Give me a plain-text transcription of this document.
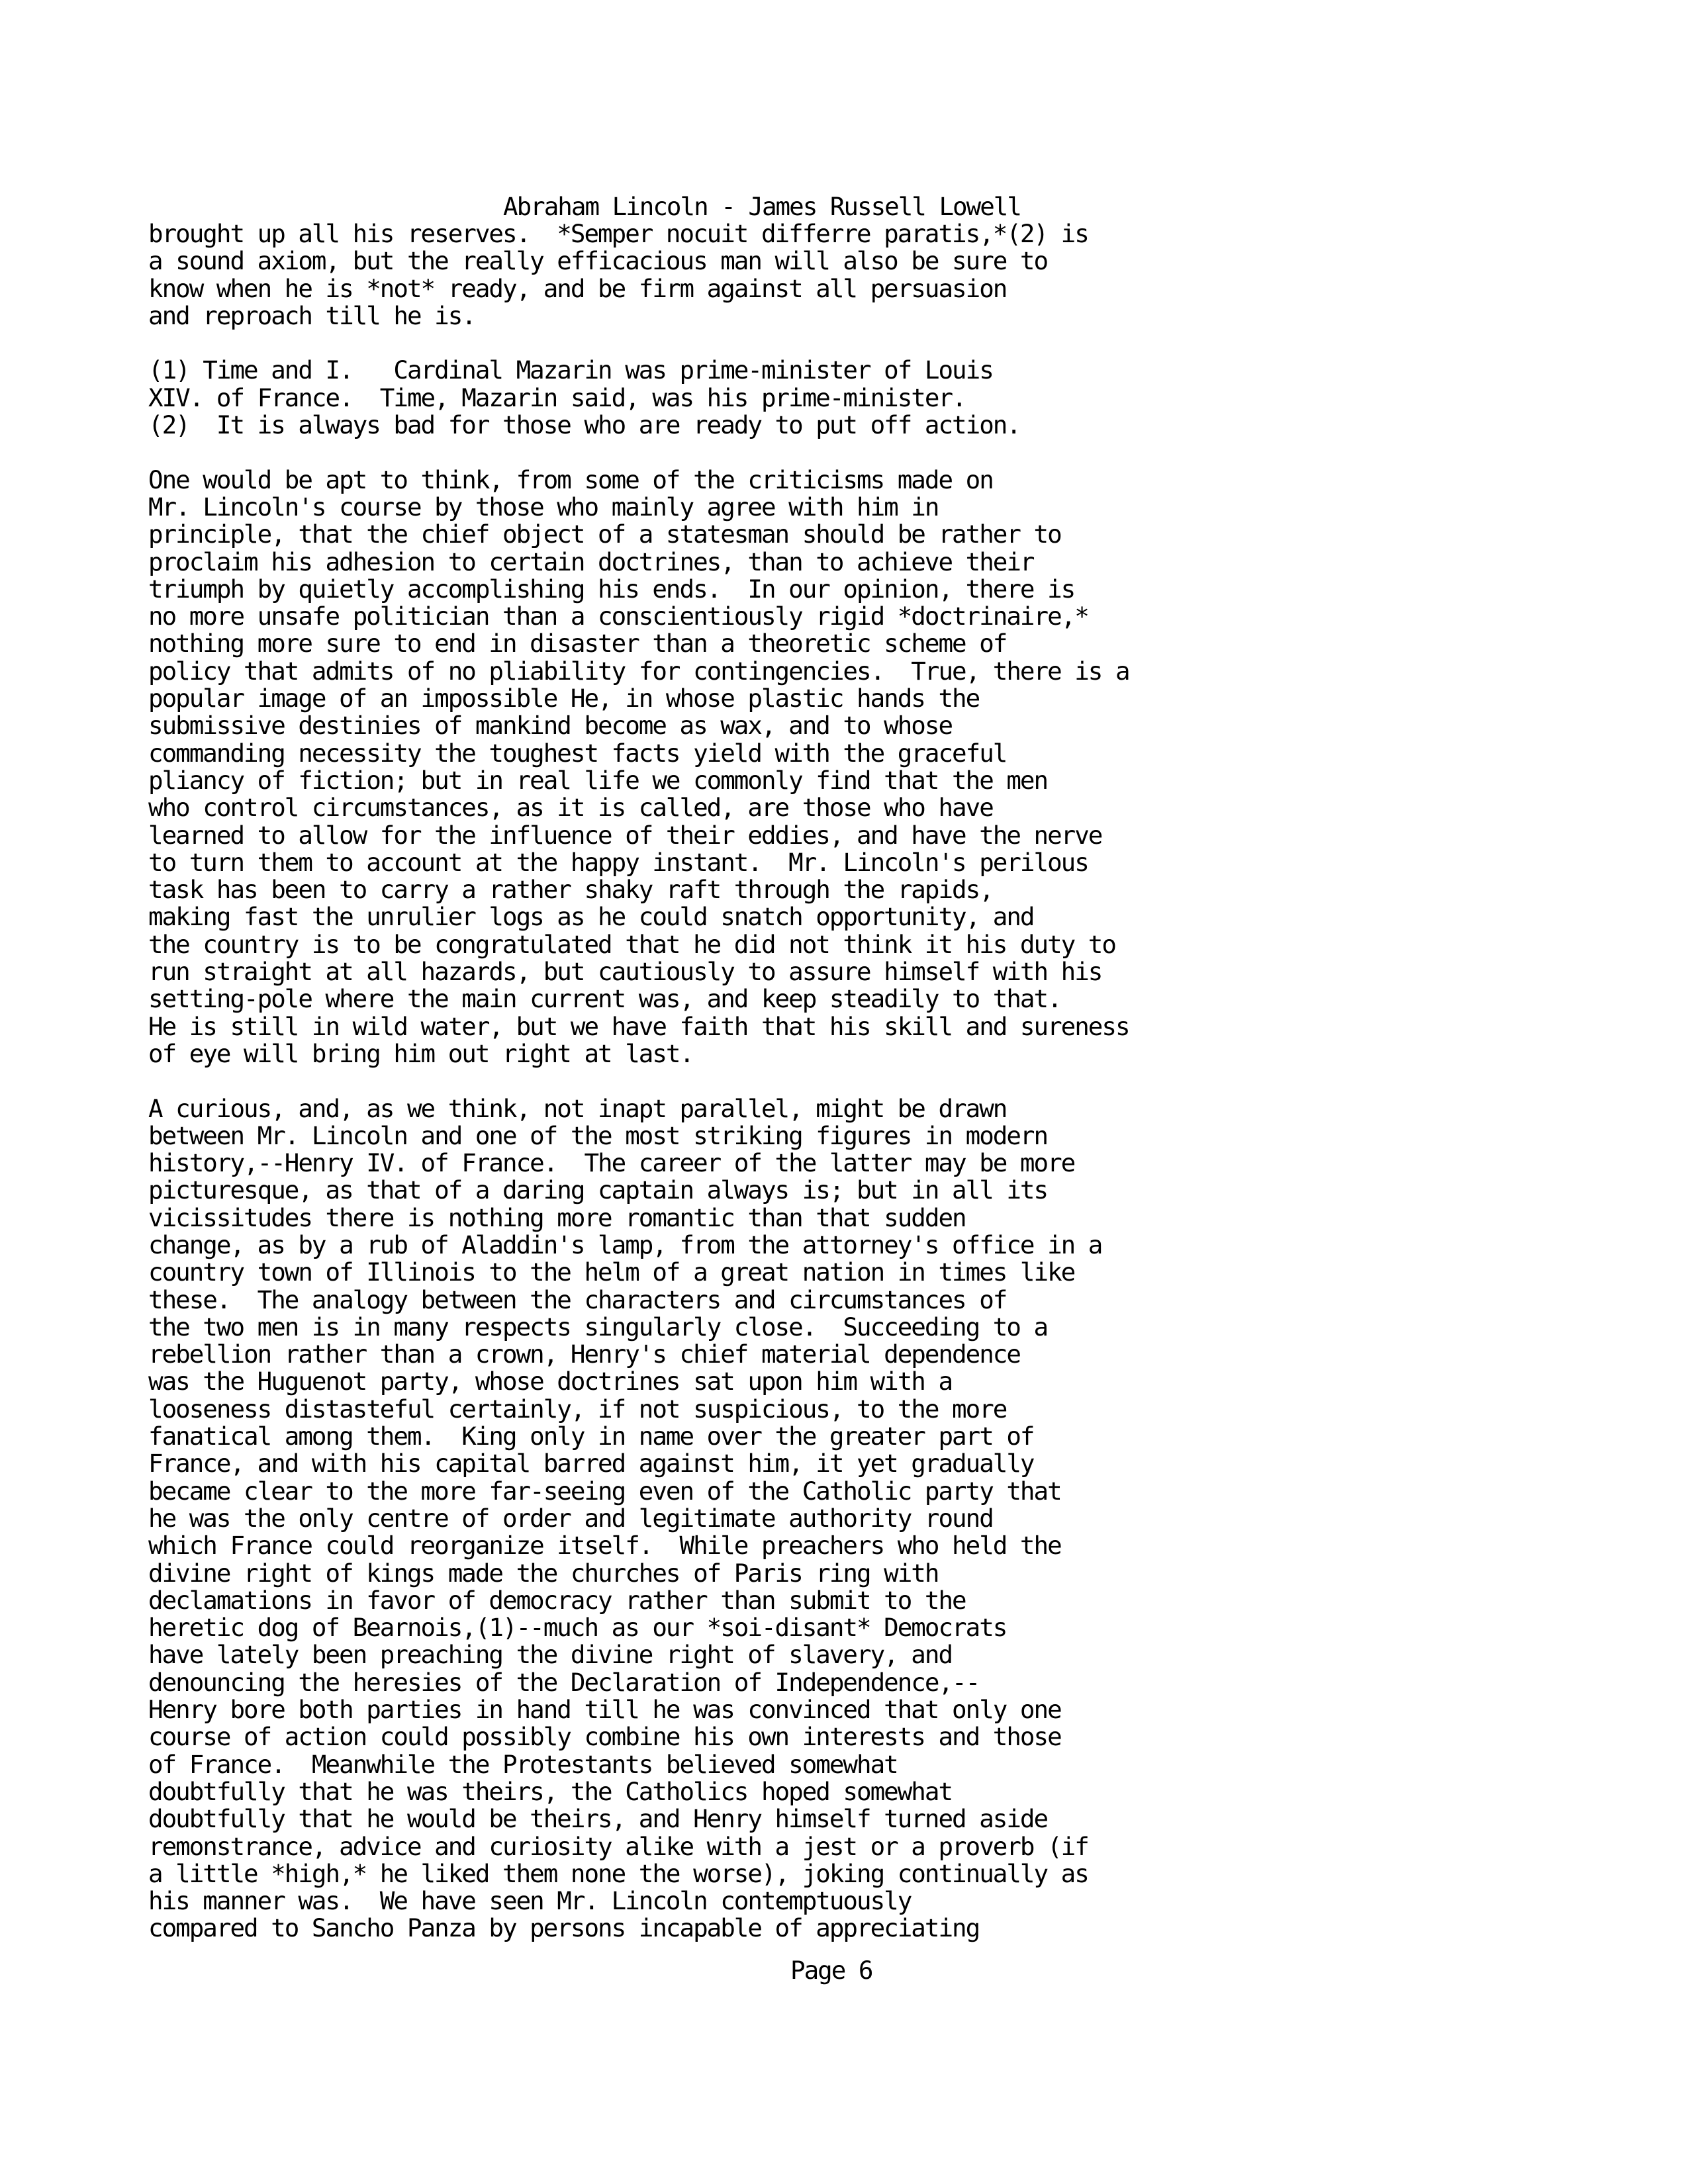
Abraham Lincoln - James Russell Lowell
brought up all his reserves.  *Semper nocuit differre paratis,*(2) is
a sound axiom, but the really efficacious man will also be sure to
know when he is *not* ready, and be firm against all persuasion
and reproach till he is.
(1) Time and I.   Cardinal Mazarin was prime-minister of Louis
XIV. of France.  Time, Mazarin said, was his prime-minister.
(2)  It is always bad for those who are ready to put off action.
One would be apt to think, from some of the criticisms made on
Mr. Lincoln's course by those who mainly agree with him in
principle, that the chief object of a statesman should be rather to
proclaim his adhesion to certain doctrines, than to achieve their
triumph by quietly accomplishing his ends.  In our opinion, there is
no more unsafe politician than a conscientiously rigid *doctrinaire,*
nothing more sure to end in disaster than a theoretic scheme of
policy that admits of no pliability for contingencies.  True, there is a
popular image of an impossible He, in whose plastic hands the
submissive destinies of mankind become as wax, and to whose
commanding necessity the toughest facts yield with the graceful
pliancy of fiction; but in real life we commonly find that the men
who control circumstances, as it is called, are those who have
learned to allow for the influence of their eddies, and have the nerve
to turn them to account at the happy instant.  Mr. Lincoln's perilous
task has been to carry a rather shaky raft through the rapids,
making fast the unrulier logs as he could snatch opportunity, and
the country is to be congratulated that he did not think it his duty to
run straight at all hazards, but cautiously to assure himself with his
setting-pole where the main current was, and keep steadily to that.
He is still in wild water, but we have faith that his skill and sureness
of eye will bring him out right at last.
A curious, and, as we think, not inapt parallel, might be drawn
between Mr. Lincoln and one of the most striking figures in modern
history,--Henry IV. of France.  The career of the latter may be more
picturesque, as that of a daring captain always is; but in all its
vicissitudes there is nothing more romantic than that sudden
change, as by a rub of Aladdin's lamp, from the attorney's office in a
country town of Illinois to the helm of a great nation in times like
these.  The analogy between the characters and circumstances of
the two men is in many respects singularly close.  Succeeding to a
rebellion rather than a crown, Henry's chief material dependence
was the Huguenot party, whose doctrines sat upon him with a
looseness distasteful certainly, if not suspicious, to the more
fanatical among them.  King only in name over the greater part of
France, and with his capital barred against him, it yet gradually
became clear to the more far-seeing even of the Catholic party that
he was the only centre of order and legitimate authority round
which France could reorganize itself.  While preachers who held the
divine right of kings made the churches of Paris ring with
declamations in favor of democracy rather than submit to the
heretic dog of Bearnois,(1)--much as our *soi-disant* Democrats
have lately been preaching the divine right of slavery, and
denouncing the heresies of the Declaration of Independence,--
Henry bore both parties in hand till he was convinced that only one
course of action could possibly combine his own interests and those
of France.  Meanwhile the Protestants believed somewhat
doubtfully that he was theirs, the Catholics hoped somewhat
doubtfully that he would be theirs, and Henry himself turned aside
remonstrance, advice and curiosity alike with a jest or a proverb (if
a little *high,* he liked them none the worse), joking continually as
his manner was.  We have seen Mr. Lincoln contemptuously
compared to Sancho Panza by persons incapable of appreciating
Page 6
